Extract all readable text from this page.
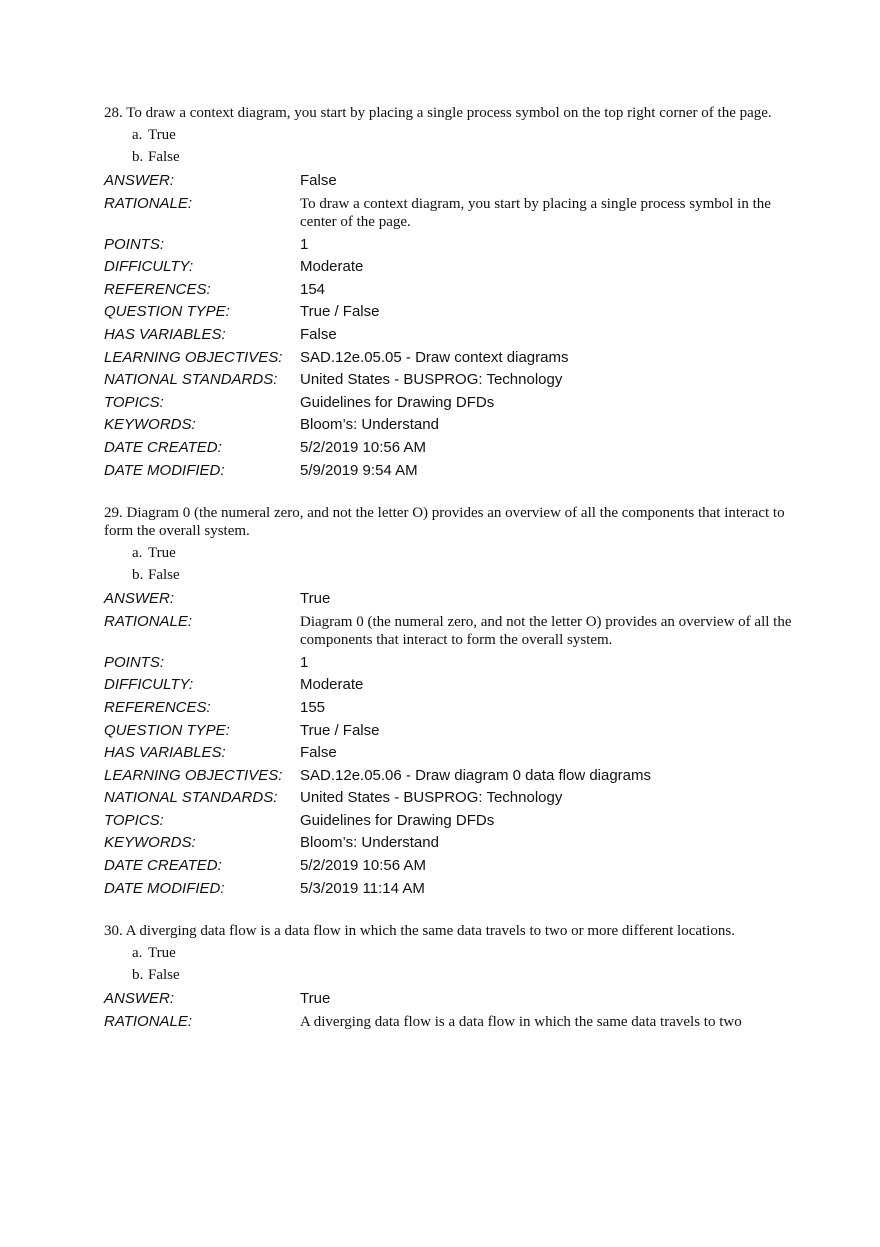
28. To draw a context diagram, you start by placing a single process symbol on the top right corner of the page.

a. True
b. False
ANSWER:	False
RATIONALE:	To draw a context diagram, you start by placing a single process symbol in the center of the page.
POINTS:	1
DIFFICULTY:	Moderate
REFERENCES:	154
QUESTION TYPE:	True / False
HAS VARIABLES:	False
LEARNING OBJECTIVES:	SAD.12e.05.05 - Draw context diagrams
NATIONAL STANDARDS:	United States - BUSPROG: Technology
TOPICS:	Guidelines for Drawing DFDs
KEYWORDS:	Bloom’s: Understand
DATE CREATED:	5/2/2019 10:56 AM
DATE MODIFIED:	5/9/2019 9:54 AM

29. Diagram 0 (the numeral zero, and not the letter O) provides an overview of all the components that interact to form the overall system.

a. True
b. False
ANSWER:	True
RATIONALE:	Diagram 0 (the numeral zero, and not the letter O) provides an overview of all the components that interact to form the overall system.
POINTS:	1
DIFFICULTY:	Moderate
REFERENCES:	155
QUESTION TYPE:	True / False
HAS VARIABLES:	False
LEARNING OBJECTIVES:	SAD.12e.05.06 - Draw diagram 0 data flow diagrams
NATIONAL STANDARDS:	United States - BUSPROG: Technology
TOPICS:	Guidelines for Drawing DFDs
KEYWORDS:	Bloom’s: Understand
DATE CREATED:	5/2/2019 10:56 AM
DATE MODIFIED:	5/3/2019 11:14 AM

30. A diverging data flow is a data flow in which the same data travels to two or more different locations.

a. True
b. False
ANSWER:	True
RATIONALE:	A diverging data flow is a data flow in which the same data travels to two
